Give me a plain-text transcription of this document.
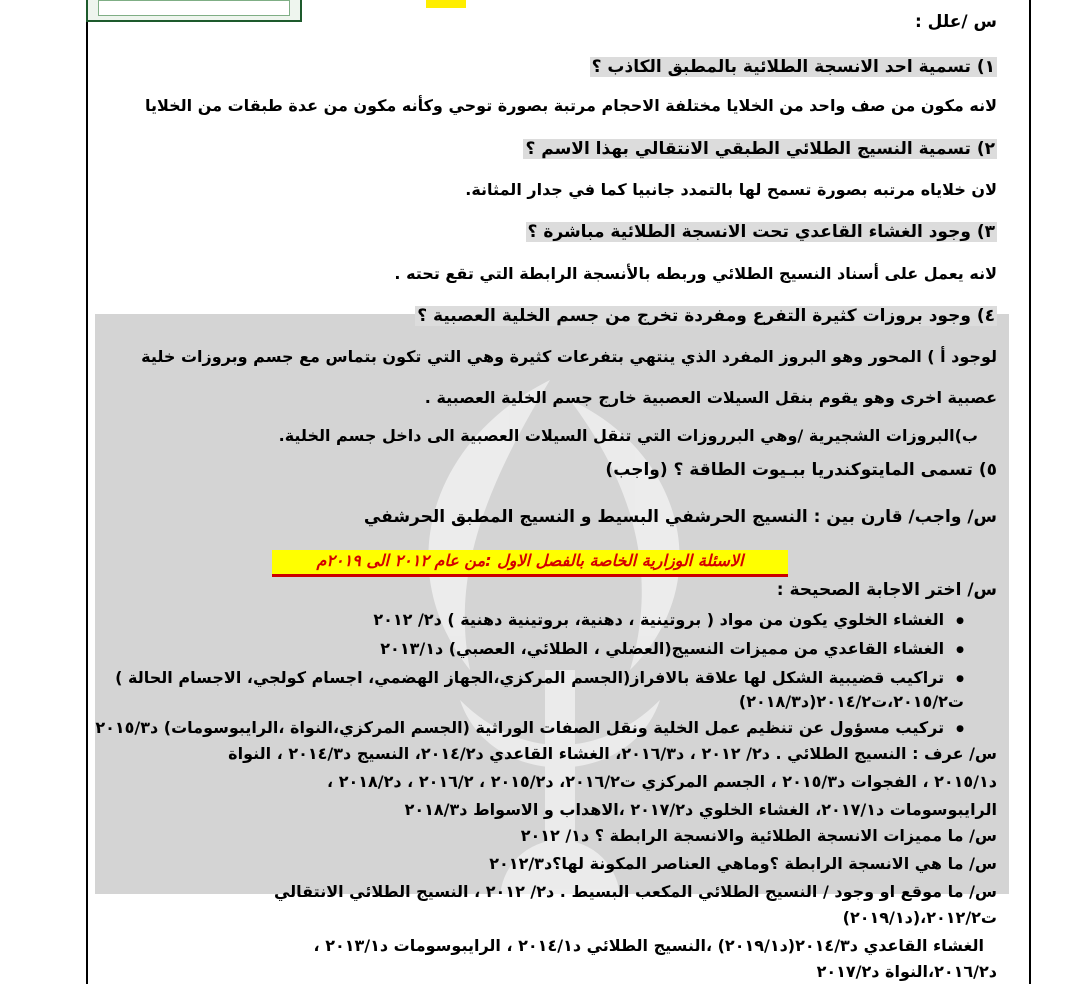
س /علل :
١) تسمية احد الانسجة الطلائية بالمطبق الكاذب ؟
لانه مكون من صف واحد من الخلايا مختلفة الاحجام مرتبة بصورة توحي وكأنه مكون من عدة طبقات من الخلايا
٢) تسمية النسيج الطلائي الطبقي الانتقالي بهذا الاسم ؟
لان خلاياه مرتبه بصورة تسمح لها بالتمدد جانبيا كما في جدار المثانة.
٣) وجود الغشاء القاعدي تحت الانسجة الطلائية مباشرة ؟
لانه يعمل على أسناد النسيج الطلائي وربطه بالأنسجة الرابطة التي تقع تحته .
٤) وجود بروزات كثيرة التفرع ومفردة تخرج من جسم الخلية العصبية ؟
لوجود أ ) المحور وهو البروز المفرد الذي ينتهي بتفرعات كثيرة وهي التي تكون بتماس مع جسم وبروزات خلية
عصبية اخرى وهو يقوم بنقل السيلات العصبية خارج جسم الخلية العصبية .
ب)البروزات الشجيرية /وهي البرروزات التي تنقل السيلات العصبية الى داخل جسم الخلية.
٥) تسمى المايتوكندريا ببـيوت الطاقة ؟ (واجب)
س/ واجب/ قارن بين : النسيج الحرشفي البسيط و النسيج المطبق الحرشفي
الاسئلة الوزارية الخاصة بالفصل الاول :من عام ٢٠١٢ الى ٢٠١٩م
س/ اختر الاجابة الصحيحة :
● الغشاء الخلوي يكون من مواد ( بروتينية ، دهنية، بروتينية دهنية ) د٢/ ٢٠١٢
● الغشاء القاعدي من مميزات النسيج(العضلي ، الطلائي، العصبي) د٢٠١٣/١
● تراكيب قضيبية الشكل لها علاقة بالافراز(الجسم المركزي،الجهاز الهضمي، اجسام كولجي، الاجسام الحالة )
ت٢٠١٥/٢،ت٢٠١٤/٢(د٢٠١٨/٣)
● تركيب مسؤول عن تنظيم عمل الخلية ونقل الصفات الوراثية (الجسم المركزي،النواة ،الرايبوسومات) د٢٠١٥/٣
س/ عرف : النسيج الطلائي . د٢/ ٢٠١٢ ، د٢٠١٦/٣، الغشاء القاعدي د٢٠١٤/٢، النسيج د٢٠١٤/٣ ، النواة
د٢٠١٥/١ ، الفجوات د٢٠١٥/٣ ، الجسم المركزي ت٢٠١٦/٢، د٢٠١٥/٢ ، ٢٠١٦/٢ ، د٢٠١٨/٢ ،
الرايبوسومات د٢٠١٧/١، الغشاء الخلوي د٢٠١٧/٢ ،الاهداب و الاسواط د٢٠١٨/٣
س/ ما مميزات الانسجة الطلائية والانسجة الرابطة ؟ د١/ ٢٠١٢
س/ ما هي الانسجة الرابطة ؟وماهي العناصر المكونة لها؟د٢٠١٢/٣
س/ ما موقع او وجود / النسيج الطلائي المكعب البسيط . د٢/ ٢٠١٢ ، النسيج الطلائي الانتقالي
ت٢٠١٢/٢،(د٢٠١٩/١)
الغشاء القاعدي د٢٠١٤/٣(د٢٠١٩/١) ،النسيج الطلائي د٢٠١٤/١ ، الرايبوسومات د٢٠١٣/١ ،
د٢٠١٦/٢،النواة د٢٠١٧/٢
